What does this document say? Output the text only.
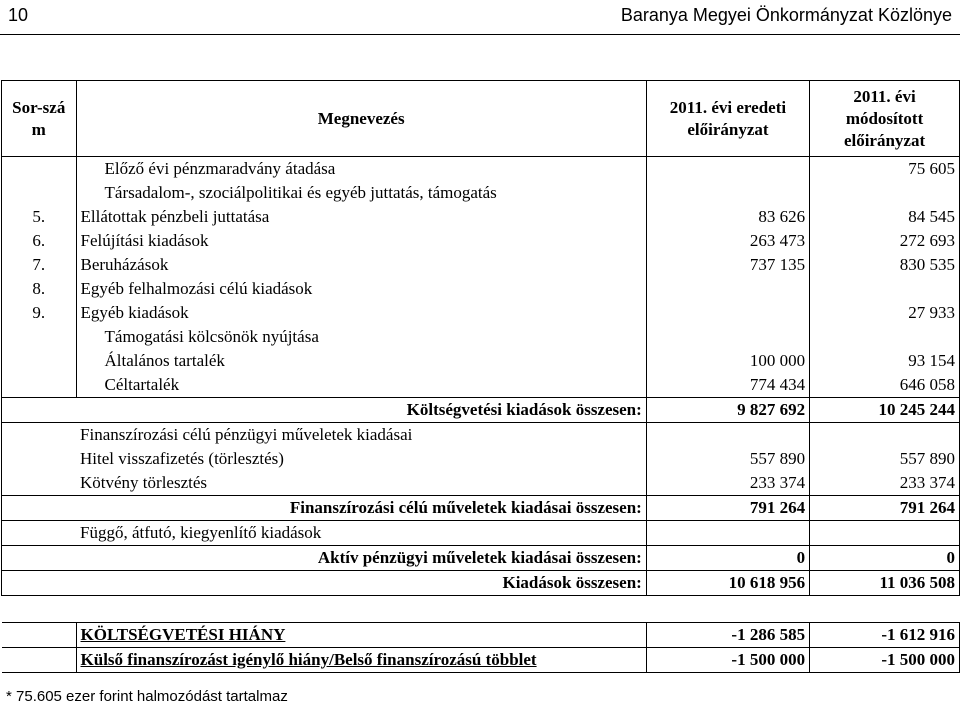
10	Baranya Megyei Önkormányzat Közlönye
Sor-szám	Megnevezés	2011. évi eredeti előirányzat	2011. évi módosított előirányzat
	Előző évi pénzmaradvány átadása		75 605
	Társadalom-, szociálpolitikai és egyéb juttatás, támogatás		
5.	Ellátottak pénzbeli juttatása	83 626	84 545
6.	Felújítási kiadások	263 473	272 693
7.	Beruházások	737 135	830 535
8.	Egyéb felhalmozási célú kiadások		
9.	Egyéb kiadások		27 933
	Támogatási kölcsönök nyújtása		
	Általános tartalék	100 000	93 154
	Céltartalék	774 434	646 058
	Költségvetési kiadások összesen:	9 827 692	10 245 244
	Finanszírozási célú pénzügyi műveletek kiadásai		
	Hitel visszafizetés (törlesztés)	557 890	557 890
	Kötvény törlesztés	233 374	233 374
	Finanszírozási célú műveletek kiadásai összesen:	791 264	791 264
	Függő, átfutó, kiegyenlítő kiadások		
	Aktív pénzügyi műveletek kiadásai összesen:	0	0
	Kiadások összesen:	10 618 956	11 036 508

	KÖLTSÉGVETÉSI HIÁNY	-1 286 585	-1 612 916
	Külső finanszírozást igénylő hiány/Belső finanszírozású többlet	-1 500 000	-1 500 000
* 75.605 ezer forint halmozódást tartalmaz
